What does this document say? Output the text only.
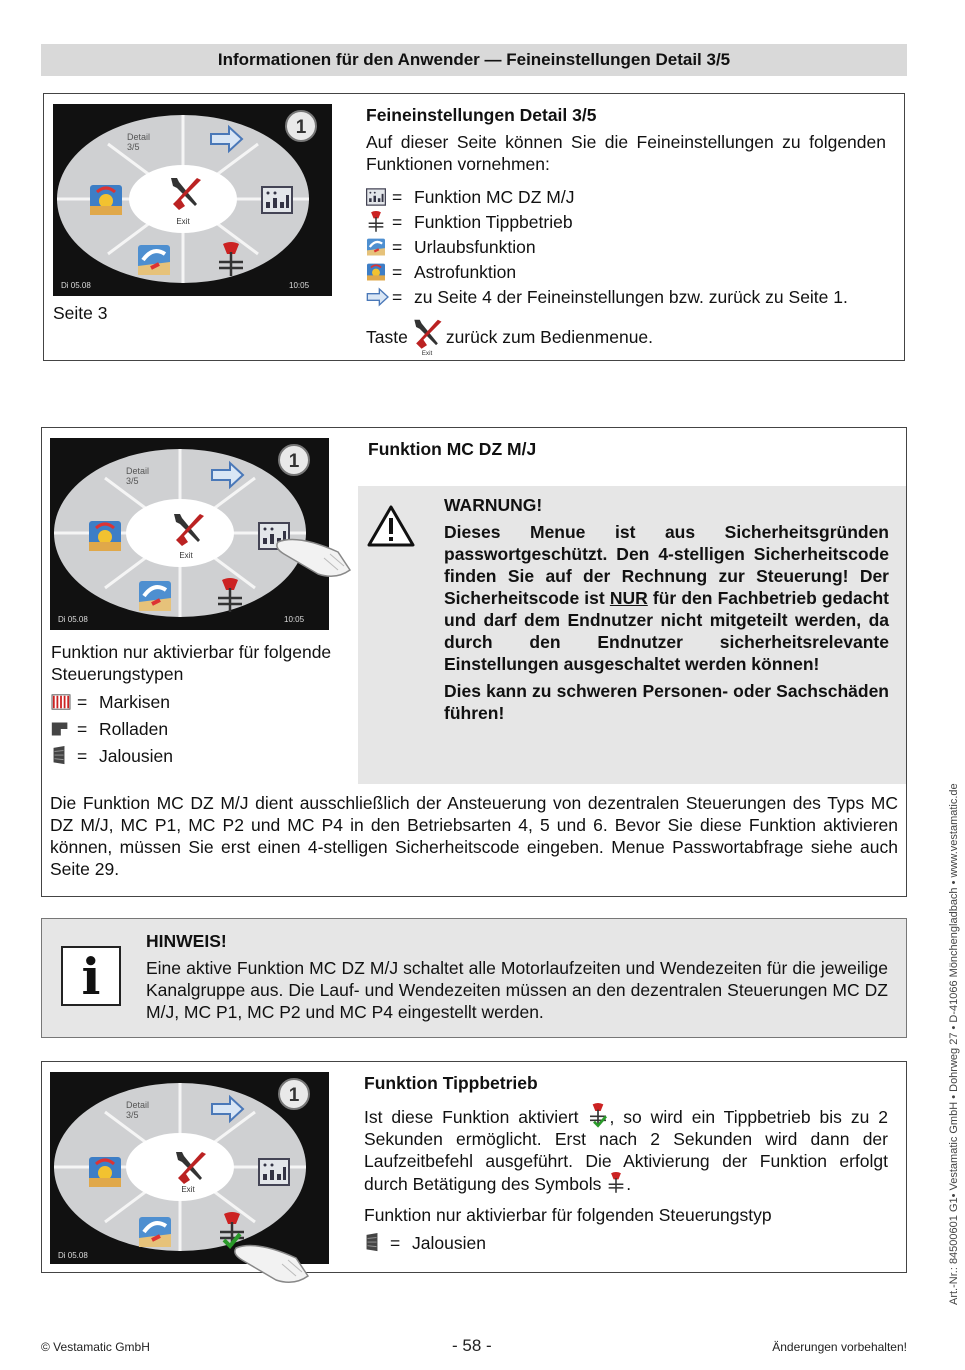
Informationen für den Anwender — Feineinstellungen Detail 3/5
Exit
Detail
3/5
1
Di 05.08	10:05
Seite 3
Feineinstellungen Detail 3/5
Auf dieser Seite können Sie die Feineinstellungen zu folgenden Funktionen vornehmen:
= Funktion MC DZ M/J
= Funktion Tippbetrieb
= Urlaubsfunktion
= Astrofunktion
= zu Seite 4 der Feineinstellungen bzw. zurück zu Seite 1.
Taste
Exit
zurück zum Bedienmenue.
Exit
Detail
3/5
1
Di 05.08	10:05
Funktion nur aktivierbar für folgende Steuerungstypen
= Markisen
= Rolladen
= Jalousien
Funktion MC DZ M/J
Die Funktion MC DZ M/J dient ausschließlich der Ansteuerung von dezentralen Steuerungen des Typs MC DZ M/J, MC P1, MC P2 und MC P4 in den Betriebsarten 4, 5 und 6. Bevor Sie diese Funktion aktivieren können, müssen Sie erst einen 4-stelligen Sicherheitscode eingeben. Menue Passwortabfrage siehe auch Seite 29.
WARNUNG!
Dieses Menue ist aus Sicherheitsgründen passwortgeschützt. Den 4-stelligen Sicherheitscode finden Sie auf der Rechnung zur Steuerung! Der Sicherheitscode ist NUR für den Fachbetrieb gedacht und darf dem Endnutzer nicht mitgeteilt werden, da durch den Endnutzer sicherheitsrelevante Einstellungen ausgeschaltet werden können!
Dies kann zu schweren Personen- oder Sachschäden führen!
i
HINWEIS!
Eine aktive Funktion MC DZ M/J schaltet alle Motorlaufzeiten und Wendezeiten für die jeweilige Kanalgruppe aus. Die Lauf- und Wendezeiten müssen an den dezentralen Steuerungen MC DZ M/J, MC P1, MC P2 und MC P4 eingestellt werden.
Exit
Detail
3/5
1
Di 05.08
Funktion Tippbetrieb
Ist diese Funktion aktiviert , so wird ein Tippbetrieb bis zu 2 Sekunden ermöglicht. Erst nach 2 Sekunden wird dann der Laufzeitbefehl ausgeführt. Die Aktivierung der Funktion erfolgt durch Betätigung des Symbols .
Funktion nur aktivierbar für folgenden Steuerungstyp
= Jalousien
© Vestamatic GmbH	- 58 -	Änderungen vorbehalten!
Art.-Nr.: 84500601 G1• Vestamatic GmbH • Dohrweg 27 • D-41066 Mönchengladbach • www.vestamatic.de
